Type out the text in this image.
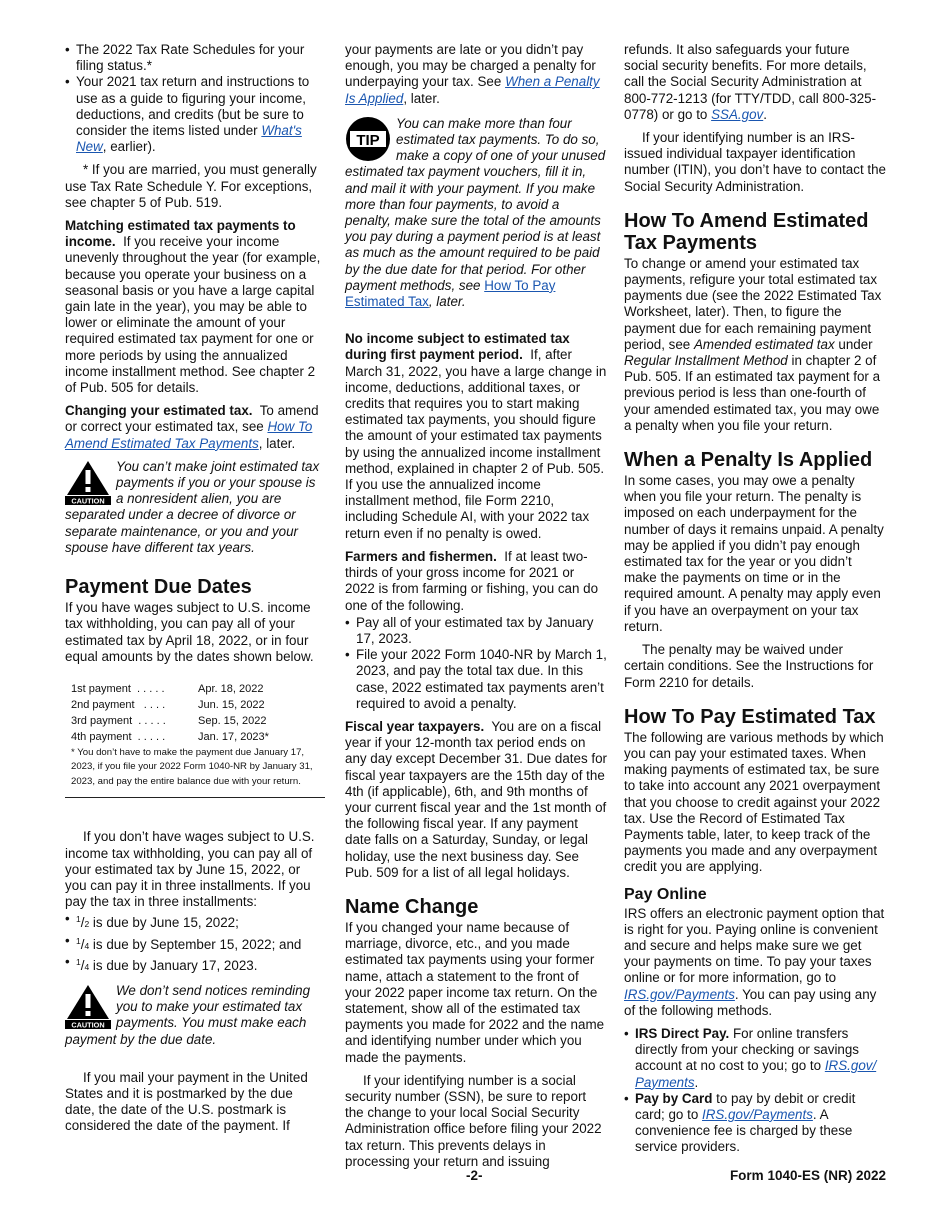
• The 2022 Tax Rate Schedules for your filing status.*

• Your 2021 tax return and instructions to use as a guide to figuring your income, deductions, and credits (but be sure to consider the items listed under What's New, earlier).

* If you are married, you must generally use Tax Rate Schedule Y. For exceptions, see chapter 5 of Pub. 519.

Matching estimated tax payments to income. If you receive your income unevenly throughout the year (for example, because you operate your business on a seasonal basis or you have a large capital gain late in the year), you may be able to lower or eliminate the amount of your required estimated tax payment for one or more periods by using the annualized income installment method. See chapter 2 of Pub. 505 for details.

Changing your estimated tax. To amend or correct your estimated tax, see How To Amend Estimated Tax Payments, later.

CAUTION
You can’t make joint estimated tax payments if you or your spouse is a nonresident alien, you are separated under a decree of divorce or separate maintenance, or you and your spouse have different tax years.
Payment Due Dates

If you have wages subject to U.S. income tax withholding, you can pay all of your estimated tax by April 18, 2022, or in four equal amounts by the dates shown below.

1st payment . . . . .	Apr. 18, 2022
2nd payment . . . .	Jun. 15, 2022
3rd payment . . . . .	Sep. 15, 2022
4th payment . . . . .	Jan. 17, 2023*
* You don’t have to make the payment due January 17, 2023, if you file your 2022 Form 1040-NR by January 31, 2023, and pay the entire balance due with your return.

If you don’t have wages subject to U.S. income tax withholding, you can pay all of your estimated tax by June 15, 2022, or you can pay it in three installments. If you pay the tax in three installments:

• $^1$/2 is due by June 15, 2022;

• $^1$/4 is due by September 15, 2022; and

• $^1$/4 is due by January 17, 2023.

CAUTION
We don’t send notices reminding you to make your estimated tax payments. You must make each payment by the due date.

If you mail your payment in the United States and it is postmarked by the due date, the date of the U.S. postmark is considered the date of the payment. If

your payments are late or you didn’t pay enough, you may be charged a penalty for underpaying your tax. See When a Penalty Is Applied, later.

TIP
You can make more than four estimated tax payments. To do so, make a copy of one of your unused estimated tax payment vouchers, fill it in, and mail it with your payment. If you make more than four payments, to avoid a penalty, make sure the total of the amounts you pay during a payment period is at least as much as the amount required to be paid by the due date for that period. For other payment methods, see How To Pay Estimated Tax, later.

No income subject to estimated tax during first payment period. If, after March 31, 2022, you have a large change in income, deductions, additional taxes, or credits that requires you to start making estimated tax payments, you should figure the amount of your estimated tax payments by using the annualized income installment method, explained in chapter 2 of Pub. 505. If you use the annualized income installment method, file Form 2210, including Schedule AI, with your 2022 tax return even if no penalty is owed.

Farmers and fishermen. If at least two-thirds of your gross income for 2021 or 2022 is from farming or fishing, you can do one of the following.

• Pay all of your estimated tax by January 17, 2023.

• File your 2022 Form 1040-NR by March 1, 2023, and pay the total tax due. In this case, 2022 estimated tax payments aren’t required to avoid a penalty.

Fiscal year taxpayers. You are on a fiscal year if your 12-month tax period ends on any day except December 31. Due dates for fiscal year taxpayers are the 15th day of the 4th (if applicable), 6th, and 9th months of your current fiscal year and the 1st month of the following fiscal year. If any payment date falls on a Saturday, Sunday, or legal holiday, use the next business day. See Pub. 509 for a list of all legal holidays.

Name Change

If you changed your name because of marriage, divorce, etc., and you made estimated tax payments using your former name, attach a statement to the front of your 2022 paper income tax return. On the statement, show all of the estimated tax payments you made for 2022 and the name and identifying number under which you made the payments.

If your identifying number is a social security number (SSN), be sure to report the change to your local Social Security Administration office before filing your 2022 tax return. This prevents delays in processing your return and issuing

refunds. It also safeguards your future social security benefits. For more details, call the Social Security Administration at 800-772-1213 (for TTY/TDD, call 800-325-0778) or go to SSA.gov.

If your identifying number is an IRS-issued individual taxpayer identification number (ITIN), you don’t have to contact the Social Security Administration.

How To Amend Estimated Tax Payments

To change or amend your estimated tax payments, refigure your total estimated tax payments due (see the 2022 Estimated Tax Worksheet, later). Then, to figure the payment due for each remaining payment period, see Amended estimated tax under Regular Installment Method in chapter 2 of Pub. 505. If an estimated tax payment for a previous period is less than one-fourth of your amended estimated tax, you may owe a penalty when you file your return.

When a Penalty Is Applied

In some cases, you may owe a penalty when you file your return. The penalty is imposed on each underpayment for the number of days it remains unpaid. A penalty may be applied if you didn’t pay enough estimated tax for the year or you didn’t make the payments on time or in the required amount. A penalty may apply even if you have an overpayment on your tax return.

The penalty may be waived under certain conditions. See the Instructions for Form 2210 for details.

How To Pay Estimated Tax

The following are various methods by which you can pay your estimated taxes. When making payments of estimated tax, be sure to take into account any 2021 overpayment that you choose to credit against your 2022 tax. Use the Record of Estimated Tax Payments table, later, to keep track of the payments you made and any overpayment credit you are applying.

Pay Online

IRS offers an electronic payment option that is right for you. Paying online is convenient and secure and helps make sure we get your payments on time. To pay your taxes online or for more information, go to IRS.gov/Payments. You can pay using any of the following methods.

• IRS Direct Pay. For online transfers directly from your checking or savings account at no cost to you; go to IRS.gov/ Payments.

• Pay by Card to pay by debit or credit card; go to IRS.gov/Payments. A convenience fee is charged by these service providers.

-2-	Form 1040-ES (NR) 2022
